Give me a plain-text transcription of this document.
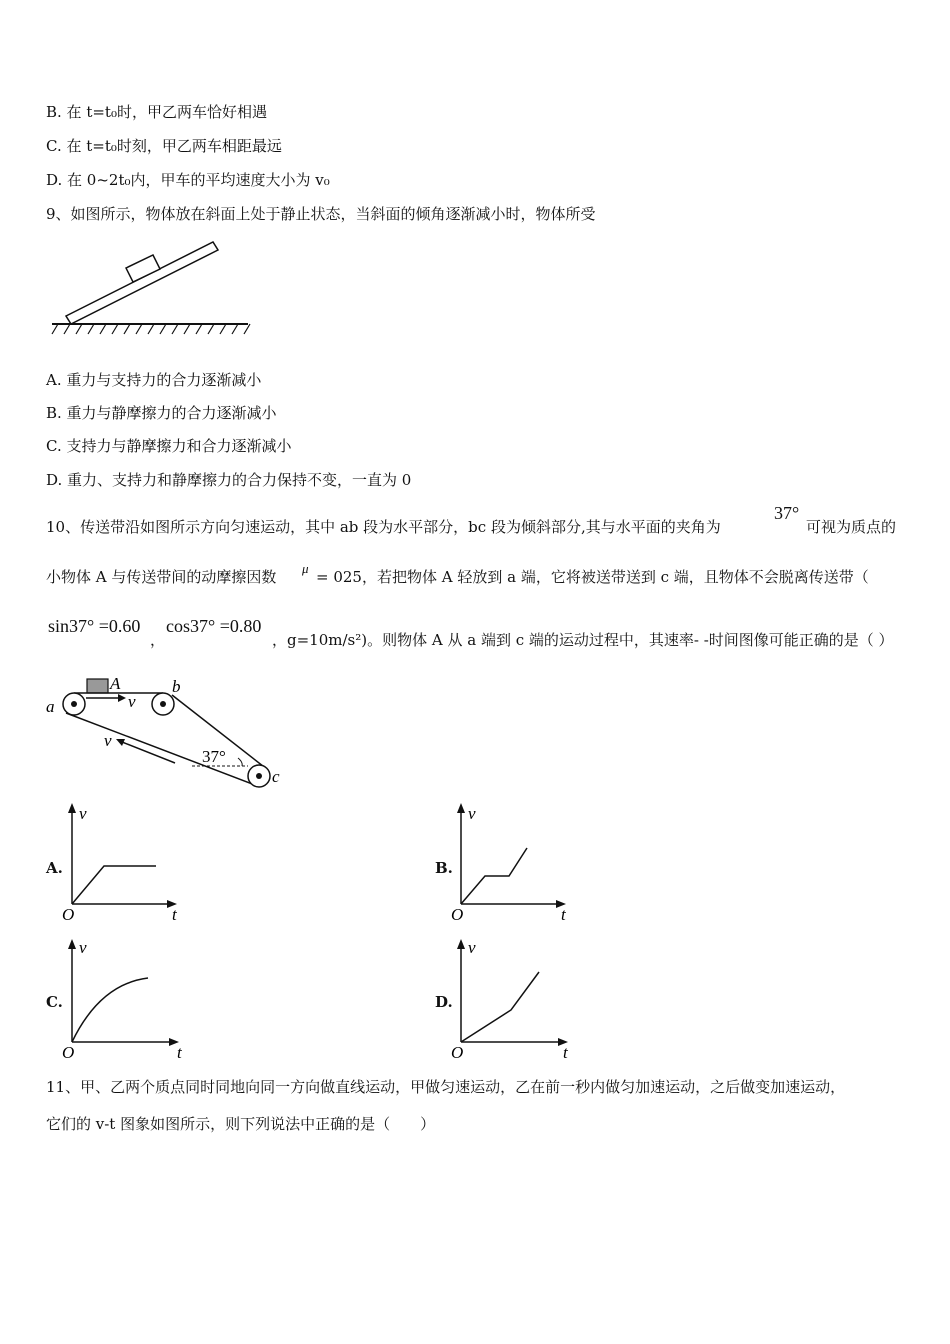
B. 在 t=t₀时，甲乙两车恰好相遇
C. 在 t=t₀时刻，甲乙两车相距最远
D. 在 0~2t₀内，甲车的平均速度大小为 v₀
9、如图所示，物体放在斜面上处于静止状态，当斜面的倾角逐渐减小时，物体所受
A. 重力与支持力的合力逐渐减小
B. 重力与静摩擦力的合力逐渐减小
C. 支持力与静摩擦力和合力逐渐减小
D. 重力、支持力和静摩擦力的合力保持不变，一直为 0
10、传送带沿如图所示方向匀速运动，其中 ab 段为水平部分，bc 段为倾斜部分,其与水平面的夹角为
37°
可视为质点的
小物体 A 与传送带间的动摩擦因数 μ = 025，若把物体 A 轻放到 a 端，它将被送带送到 c 端，且物体不会脱离传送带（
sin37° =0.60
，
cos37° =0.80
，g=10m/s²)。则物体 A 从 a 端到 c 端的运动过程中，其速率- -时间图像可能正确的是（ ）
A
v
b
a
c
v
37°
A.
v
t
O
B.
v
t
O
C.
v
t
O
D.
v
t
O
11、甲、乙两个质点同时同地向同一方向做直线运动，甲做匀速运动，乙在前一秒内做匀加速运动，之后做变加速运动，
它们的 v-t 图象如图所示，则下列说法中正确的是（　　）
